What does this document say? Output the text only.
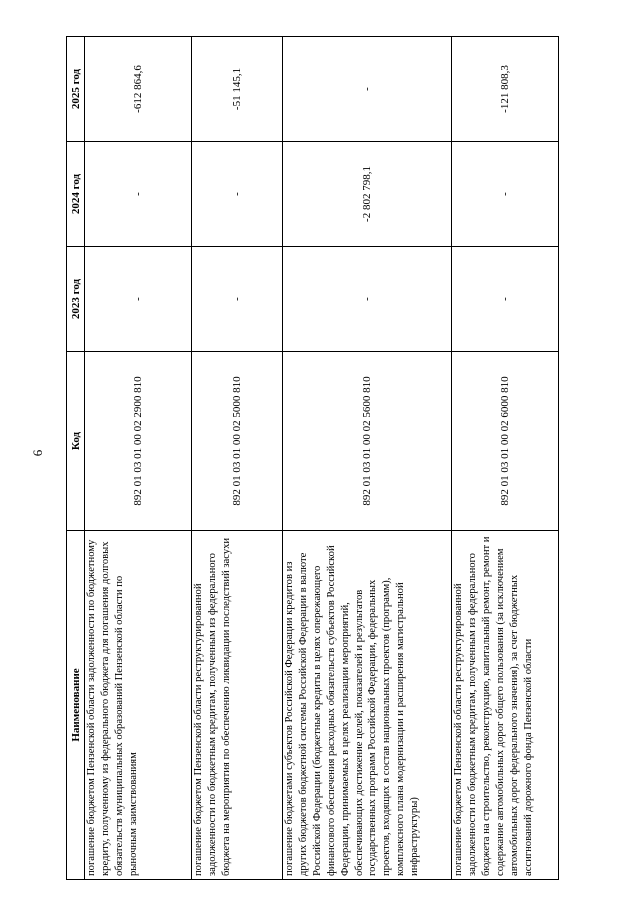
6
Наименование	Код	2023 год	2024 год	2025 год
погашение бюджетом Пензенской области задолженности по бюджетному кредиту, полученному из федерального бюджета для погашения долговых обязательств муниципальных образований Пензенской области по рыночным заимствованиям	892 01 03 01 00 02 2900 810	-	-	-612 864,6
погашение бюджетом Пензенской области реструктурированной задолженности по бюджетным кредитам, полученным из федерального бюджета на мероприятия по обеспечению ликвидации последствий засухи	892 01 03 01 00 02 5000 810	-	-	-51 145,1
погашение бюджетами субъектов Российской Федерации кредитов из других бюджетов бюджетной системы Российской Федерации в валюте Российской Федерации (бюджетные кредиты в целях опережающего финансового обеспечения расходных обязательств субъектов Российской Федерации, принимаемых в целях реализации мероприятий, обеспечивающих достижение целей, показателей и результатов государственных программ Российской Федерации, федеральных проектов, входящих в состав национальных проектов (программ), комплексного плана модернизации и расширения магистральной инфраструктуры)	892 01 03 01 00 02 5600 810	-	-2 802 798,1	-
погашение бюджетом Пензенской области реструктурированной задолженности по бюджетным кредитам, полученным из федерального бюджета на строительство, реконструкцию, капитальный ремонт, ремонт и содержание автомобильных дорог общего пользования (за исключением автомобильных дорог федерального значения), за счет бюджетных ассигнований дорожного фонда Пензенской области	892 01 03 01 00 02 6000 810	-	-	-121 808,3
